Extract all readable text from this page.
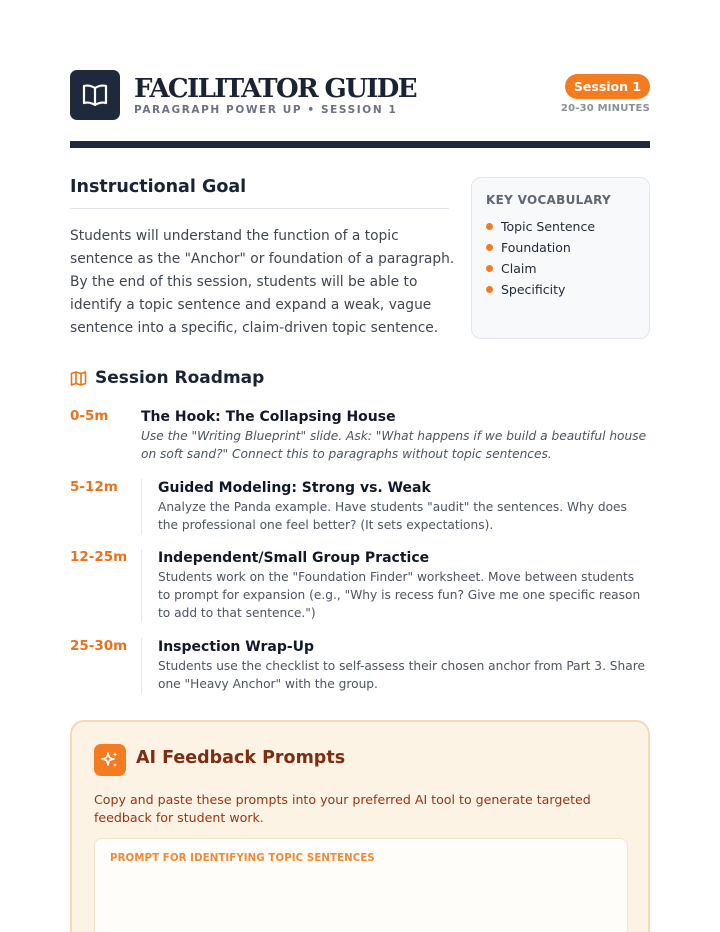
FACILITATOR GUIDE
PARAGRAPH POWER UP • SESSION 1
Session 1
20-30 MINUTES
Instructional Goal
Students will understand the function of a topic sentence as the "Anchor" or foundation of a paragraph. By the end of this session, students will be able to identify a topic sentence and expand a weak, vague sentence into a specific, claim-driven topic sentence.
KEY VOCABULARY
Topic Sentence
Foundation
Claim
Specificity
Session Roadmap
0-5m The Hook: The Collapsing House
Use the "Writing Blueprint" slide. Ask: "What happens if we build a beautiful house on soft sand?" Connect this to paragraphs without topic sentences.
5-12m	Guided Modeling: Strong vs. Weak
Analyze the Panda example. Have students "audit" the sentences. Why does the professional one feel better? (It sets expectations).
12-25m Independent/Small Group Practice
Students work on the "Foundation Finder" worksheet. Move between students to prompt for expansion (e.g., "Why is recess fun? Give me one specific reason to add to that sentence.")
25-30m Inspection Wrap-Up
Students use the checklist to self-assess their chosen anchor from Part 3. Share one "Heavy Anchor" with the group.
AI Feedback Prompts
Copy and paste these prompts into your preferred AI tool to generate targeted feedback for student work.
PROMPT FOR IDENTIFYING TOPIC SENTENCES
